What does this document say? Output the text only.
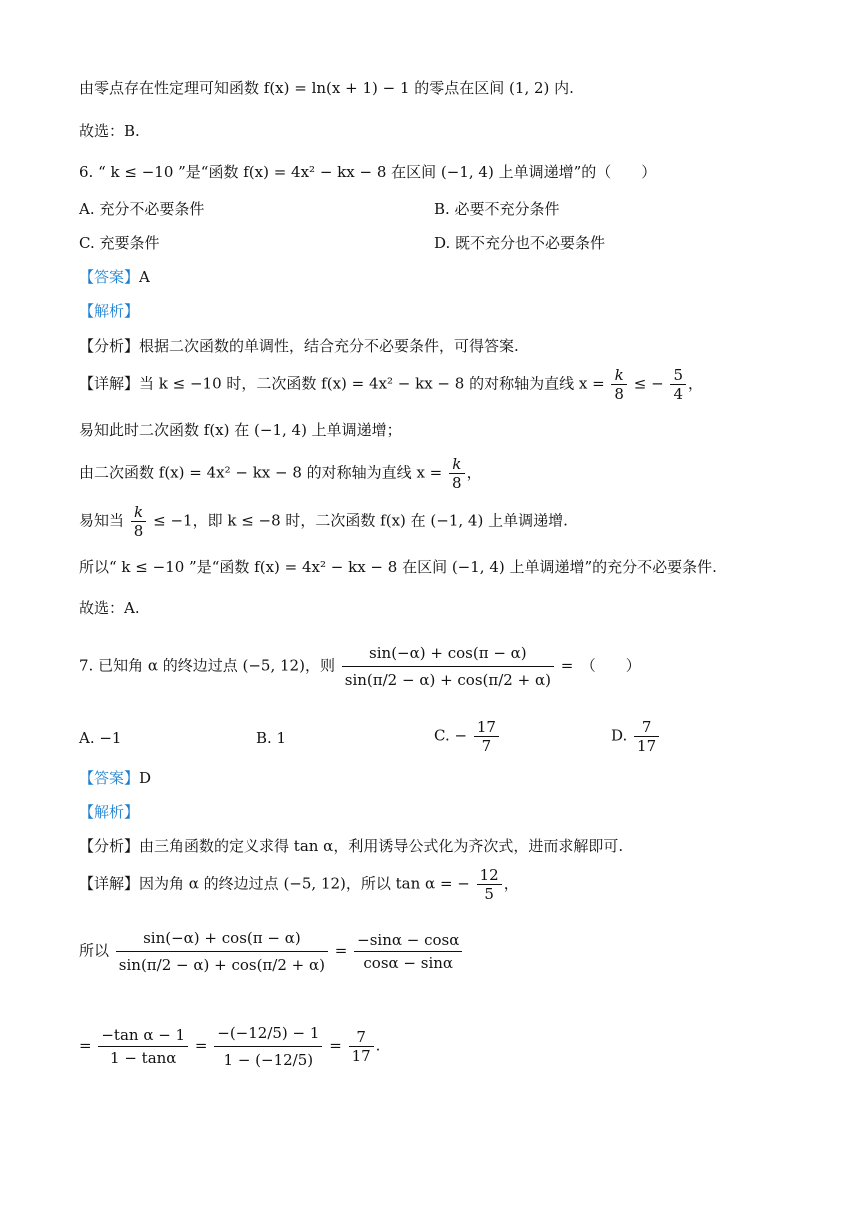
由零点存在性定理可知函数 f(x) = ln(x + 1) − 1 的零点在区间 (1, 2) 内.
故选：B.
6. “ k ≤ −10 ”是“函数 f(x) = 4x² − kx − 8 在区间 (−1, 4) 上单调递增”的（　　）
A. 充分不必要条件	B. 必要不充分条件
C. 充要条件	D. 既不充分也不必要条件
【答案】A
【解析】
【分析】根据二次函数的单调性，结合充分不必要条件，可得答案.
【详解】当 k ≤ −10 时，二次函数 f(x) = 4x² − kx − 8 的对称轴为直线 $x = \frac{k}{8}$ ≤ − $\frac{5}{4}$ ，
易知此时二次函数 f(x) 在 (−1, 4) 上单调递增；
由二次函数 f(x) = 4x² − kx − 8 的对称轴为直线 $x = \frac{k}{8}$ ，
易知当 $\frac{k}{8} \le -1$，即 k ≤ −8 时，二次函数 f(x) 在 (−1, 4) 上单调递增.
所以“ k ≤ −10 ”是“函数 f(x) = 4x² − kx − 8 在区间 (−1, 4) 上单调递增”的充分不必要条件.
故选：A.
7. 已知角 α 的终边过点 (−5, 12)，则 $\frac{\sin(-\alpha) + \cos(\pi - \alpha)}{\sin(\pi/2 - \alpha) + \cos(\pi/2 + \alpha)}$ =　（　　）
A. −1	B. 1	C. − $\frac{17}{7}$	D. $\frac{7}{17}$
【答案】D
【解析】
【分析】由三角函数的定义求得 tan α，利用诱导公式化为齐次式，进而求解即可.
【详解】因为角 α 的终边过点 (−5, 12)，所以 tan α = − $\frac{12}{5}$ ，
所以 $\frac{\sin(-\alpha) + \cos(\pi - \alpha)}{\sin(\pi/2 - \alpha) + \cos(\pi/2 + \alpha)} = \frac{-\sin\alpha - \cos\alpha}{\cos\alpha - \sin\alpha}$
= $\frac{\text{−tan α − 1}}{1 - \tan\alpha} = \frac{-(-12/5) - 1}{1 - (-12/5)} = \frac{7}{17}$ .
